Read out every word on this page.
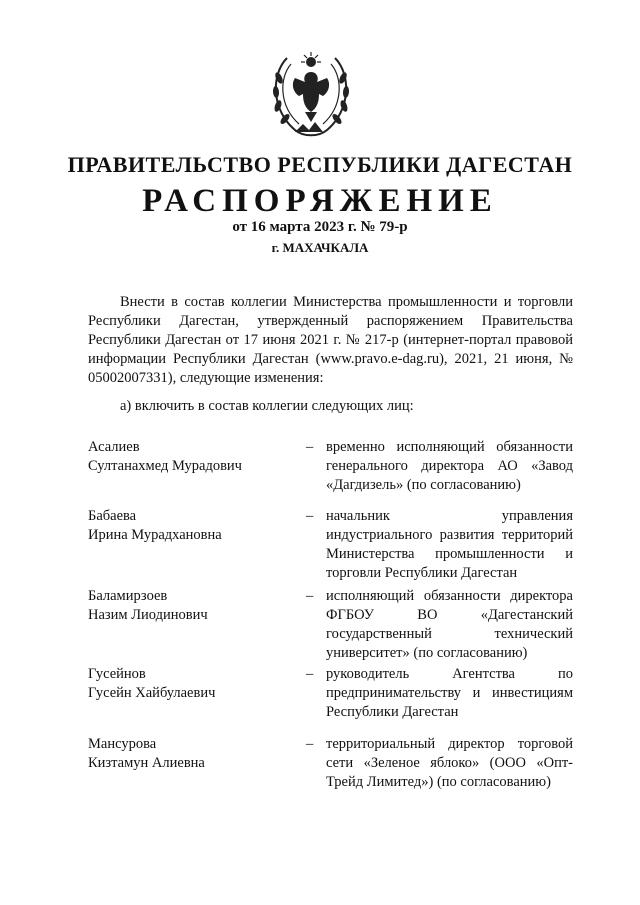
ПРАВИТЕЛЬСТВО РЕСПУБЛИКИ ДАГЕСТАН
РАСПОРЯЖЕНИЕ
от 16 марта 2023 г. № 79-р
г. МАХАЧКАЛА

Внести в состав коллегии Министерства промышленности и торговли Республики Дагестан, утвержденный распоряжением Правительства Республики Дагестан от 17 июня 2021 г. № 217-р (интернет-портал правовой информации Республики Дагестан (www.pravo.e-dag.ru), 2021, 21 июня, № 05002007331), следующие изменения:

а) включить в состав коллегии следующих лиц:
Асалиев
Султанахмед Мурадович
– временно исполняющий обязанности генерального директора АО «Завод «Дагдизель» (по согласованию)
Бабаева
Ирина Мурадхановна
– начальник управления индустриального развития территорий Министерства промышленности и торговли Республики Дагестан
Баламирзоев
Назим Лиодинович
– исполняющий обязанности директора ФГБОУ ВО «Дагестанский государственный технический университет» (по согласованию)
Гусейнов
Гусейн Хайбулаевич
– руководитель Агентства по предпринимательству и инвестициям Республики Дагестан
Мансурова
Кизтамун Алиевна
– территориальный директор торговой сети «Зеленое яблоко» (ООО «Опт-Трейд Лимитед») (по согласованию)
